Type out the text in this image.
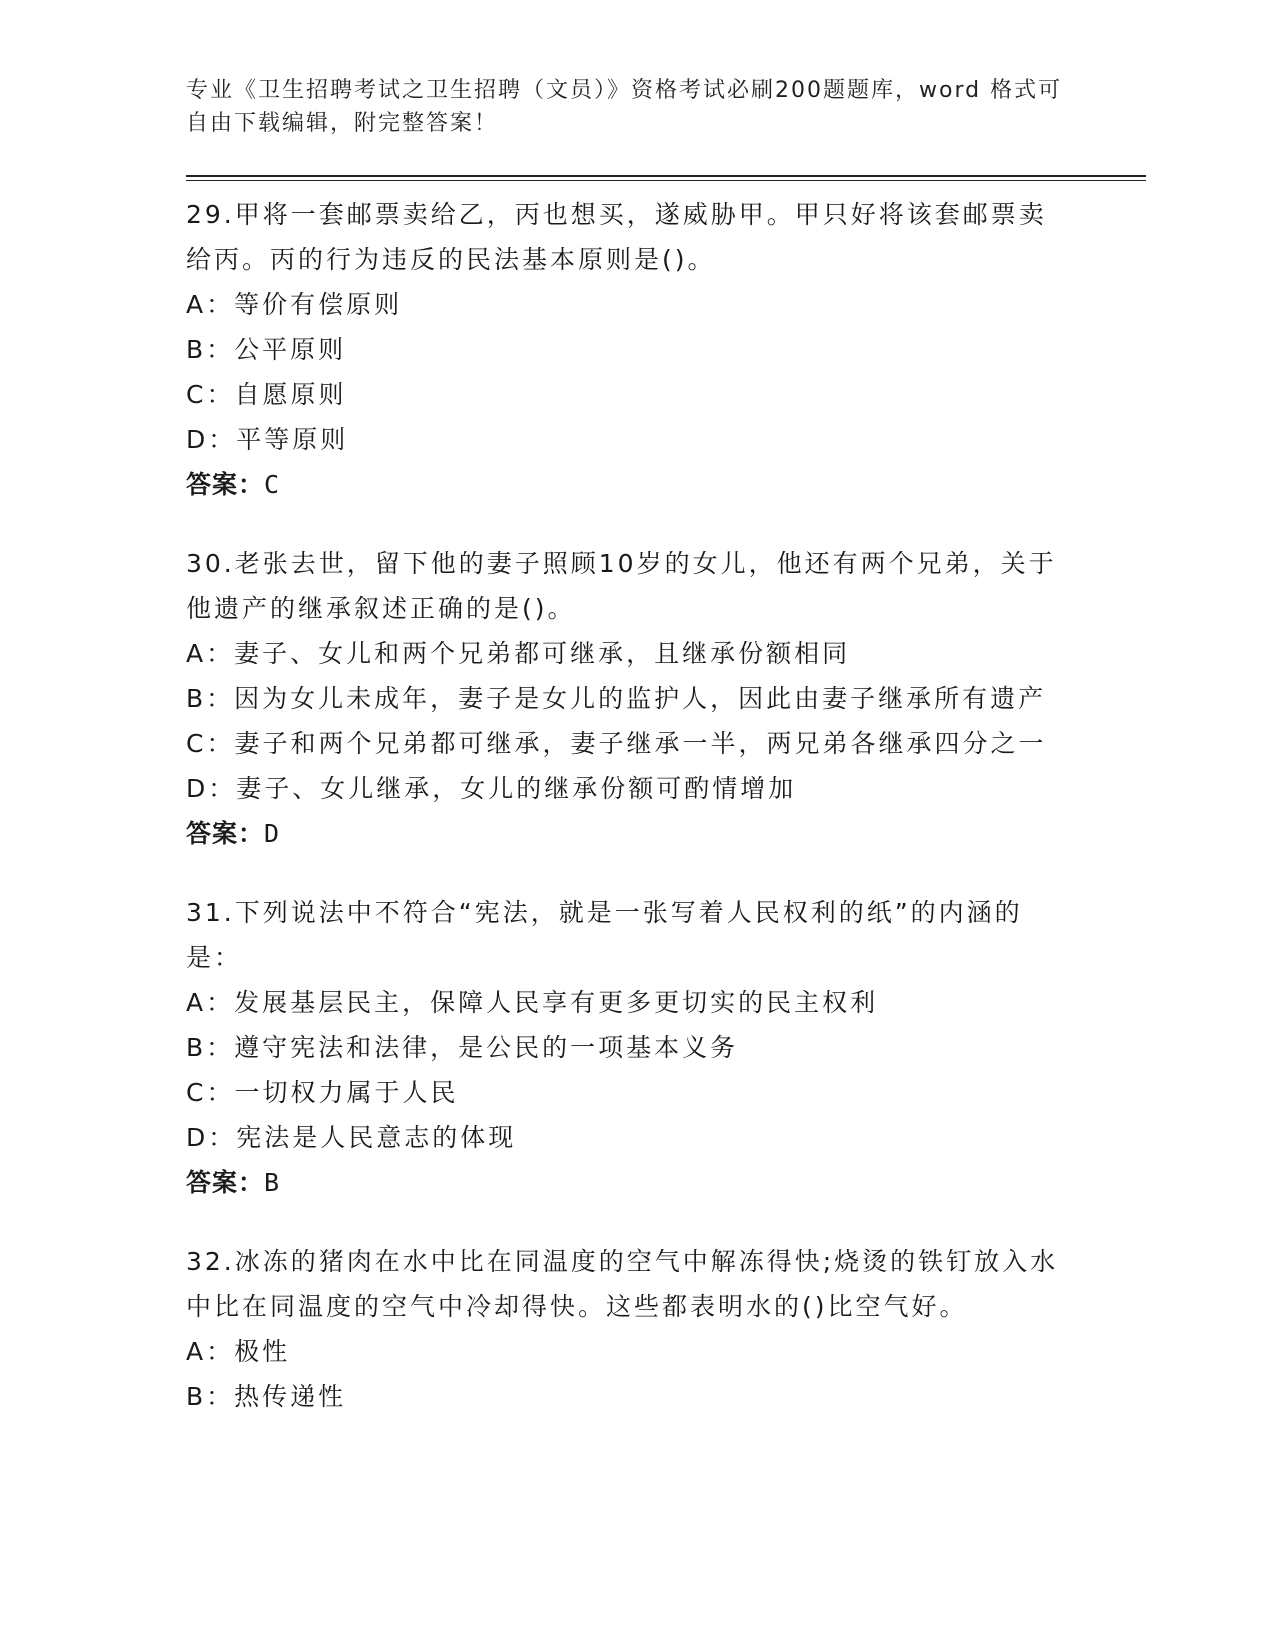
专业《卫生招聘考试之卫生招聘（文员）》资格考试必刷200题题库，word 格式可自由下载编辑，附完整答案！

29.甲将一套邮票卖给乙，丙也想买，遂威胁甲。甲只好将该套邮票卖给丙。丙的行为违反的民法基本原则是()。

A：等价有偿原则

B：公平原则

C：自愿原则

D：平等原则

答案：C

30.老张去世，留下他的妻子照顾10岁的女儿，他还有两个兄弟，关于他遗产的继承叙述正确的是()。

A：妻子、女儿和两个兄弟都可继承，且继承份额相同

B：因为女儿未成年，妻子是女儿的监护人，因此由妻子继承所有遗产

C：妻子和两个兄弟都可继承，妻子继承一半，两兄弟各继承四分之一

D：妻子、女儿继承，女儿的继承份额可酌情增加

答案：D

31.下列说法中不符合“宪法，就是一张写着人民权利的纸”的内涵的是：

A：发展基层民主，保障人民享有更多更切实的民主权利

B：遵守宪法和法律，是公民的一项基本义务

C：一切权力属于人民

D：宪法是人民意志的体现

答案：B

32.冰冻的猪肉在水中比在同温度的空气中解冻得快;烧烫的铁钉放入水中比在同温度的空气中冷却得快。这些都表明水的()比空气好。

A：极性

B：热传递性
